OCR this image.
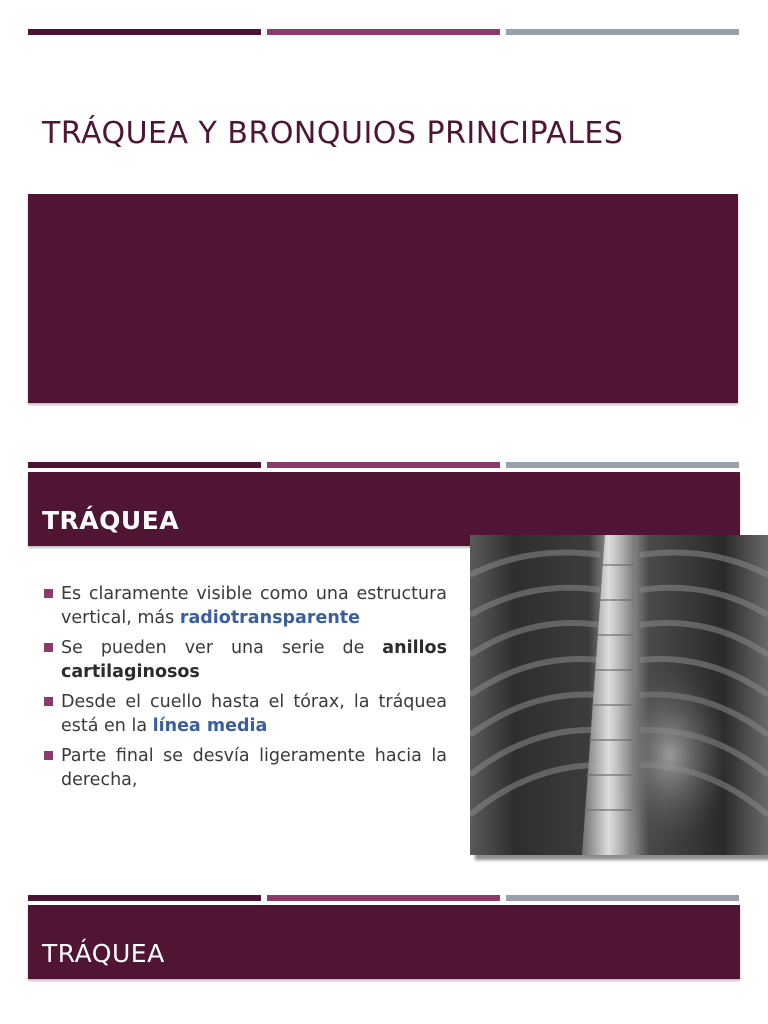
TRÁQUEA Y BRONQUIOS PRINCIPALES
TRÁQUEA
Es claramente visible como una estructura vertical, más radiotransparente
Se pueden ver una serie de anillos cartilaginosos
Desde el cuello hasta el tórax, la tráquea está en la línea media
Parte final se desvía ligeramente hacia la derecha,
TRÁQUEA
